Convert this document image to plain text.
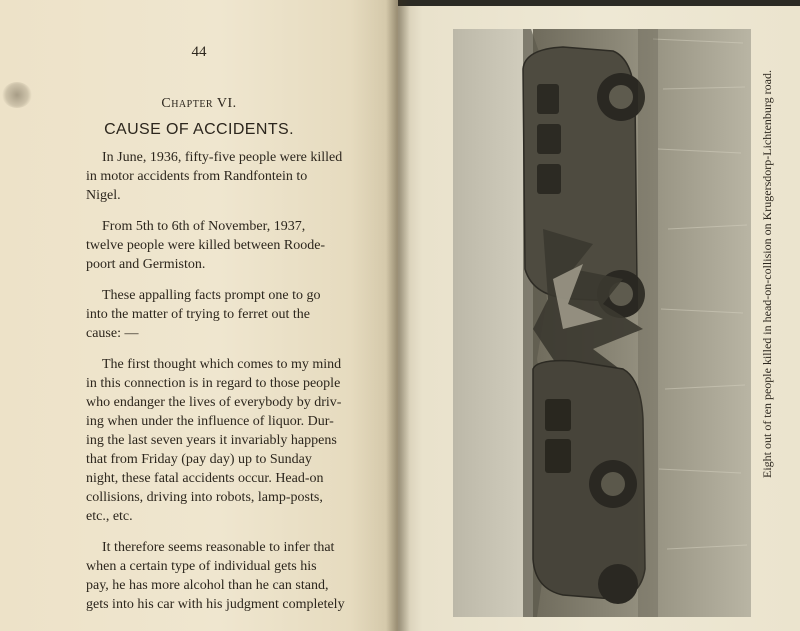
44
Chapter VI.
CAUSE OF ACCIDENTS.

In June, 1936, fifty-five people were killed
in motor accidents from Randfontein to
Nigel.

From 5th to 6th of November, 1937,
twelve people were killed between Roode-
poort and Germiston.

These appalling facts prompt one to go
into the matter of trying to ferret out the
cause: —

The first thought which comes to my mind
in this connection is in regard to those people
who endanger the lives of everybody by driv-
ing when under the influence of liquor. Dur-
ing the last seven years it invariably happens
that from Friday (pay day) up to Sunday
night, these fatal accidents occur. Head-on
collisions, driving into robots, lamp-posts,
etc., etc.

It therefore seems reasonable to infer that
when a certain type of individual gets his
pay, he has more alcohol than he can stand,
gets into his car with his judgment completely

Eight out of ten people killed in head-on-collision on Krugersdorp-Lichtenburg road.
